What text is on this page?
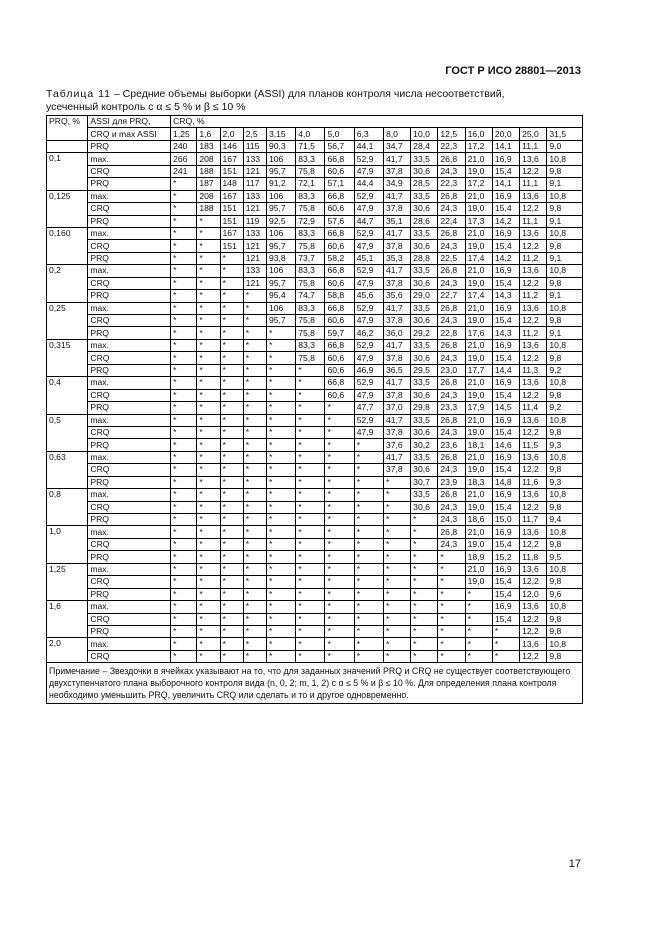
ГОСТ Р ИСО 28801—2013
Таблица 11 – Средние объемы выборки (ASSI) для планов контроля числа несоответствий,
усеченный контроль с α ≤ 5 % и β ≤ 10 %
PRQ, %	ASSI для PRQ,	CRQ, %														
	CRQ и max ASSI	1,25	1,6	2,0	2,5	3,15	4,0	5,0	6,3	8,0	10,0	12,5	16,0	20,0	25,0	31,5
	PRQ	240	183	146	115	90,3	71,5	56,7	44,1	34,7	28,4	22,3	17,2	14,1	11,1	9,0
0,1	max.	266	208	167	133	106	83,3	66,8	52,9	41,7	33,5	26,8	21,0	16,9	13,6	10,8
	CRQ	241	188	151	121	95,7	75,8	60,6	47,9	37,8	30,6	24,3	19,0	15,4	12,2	9,8
	PRQ	*	187	148	117	91,2	72,1	57,1	44,4	34,9	28,5	22,3	17,2	14,1	11,1	9,1
0,125	max.	*	208	167	133	106	83,3	66,8	52,9	41,7	33,5	26,8	21,0	16,9	13,6	10,8
	CRQ	*	188	151	121	95,7	75,8	60,6	47,9	37,8	30,6	24,3	19,0	15,4	12,2	9,8
	PRQ	*	*	151	119	92,5	72,9	57,6	44,7	35,1	28,6	22,4	17,3	14,2	11,1	9,1
0,160	max.	*	*	167	133	106	83,3	66,8	52,9	41,7	33,5	26,8	21,0	16,9	13,6	10,8
	CRQ	*	*	151	121	95,7	75,8	60,6	47,9	37,8	30,6	24,3	19,0	15,4	12,2	9,8
	PRQ	*	*	*	121	93,8	73,7	58,2	45,1	35,3	28,8	22,5	17,4	14,2	11,2	9,1
0,2	max.	*	*	*	133	106	83,3	66,8	52,9	41,7	33,5	26,8	21,0	16,9	13,6	10,8
	CRQ	*	*	*	121	95,7	75,8	60,6	47,9	37,8	30,6	24,3	19,0	15,4	12,2	9,8
	PRQ	*	*	*	*	95,4	74,7	58,8	45,6	35,6	29,0	22,7	17,4	14,3	11,2	9,1
0,25	max.	*	*	*	*	106	83,3	66,8	52,9	41,7	33,5	26,8	21,0	16,9	13,6	10,8
	CRQ	*	*	*	*	95,7	75,8	60,6	47,9	37,8	30,6	24,3	19,0	15,4	12,2	9,8
	PRQ	*	*	*	*	*	75,8	59,7	46,2	36,0	29,2	22,8	17,6	14,3	11,2	9,1
0,315	max.	*	*	*	*	*	83,3	66,8	52,9	41,7	33,5	26,8	21,0	16,9	13,6	10,8
	CRQ	*	*	*	*	*	75,8	60,6	47,9	37,8	30,6	24,3	19,0	15,4	12,2	9,8
	PRQ	*	*	*	*	*	*	60,6	46,9	36,5	29,5	23,0	17,7	14,4	11,3	9,2
0,4	max.	*	*	*	*	*	*	66,8	52,9	41,7	33,5	26,8	21,0	16,9	13,6	10,8
	CRQ	*	*	*	*	*	*	60,6	47,9	37,8	30,6	24,3	19,0	15,4	12,2	9,8
	PRQ	*	*	*	*	*	*	*	47,7	37,0	29,8	23,3	17,9	14,5	11,4	9,2
0,5	max.	*	*	*	*	*	*	*	52,9	41,7	33,5	26,8	21,0	16,9	13,6	10,8
	CRQ	*	*	*	*	*	*	*	47,9	37,8	30,6	24,3	19,0	15,4	12,2	9,8
	PRQ	*	*	*	*	*	*	*	*	37,6	30,2	23,6	18,1	14,6	11,5	9,3
0,63	max.	*	*	*	*	*	*	*	*	41,7	33,5	26,8	21,0	16,9	13,6	10,8
	CRQ	*	*	*	*	*	*	*	*	37,8	30,6	24,3	19,0	15,4	12,2	9,8
	PRQ	*	*	*	*	*	*	*	*	*	30,7	23,9	18,3	14,8	11,6	9,3
0,8	max.	*	*	*	*	*	*	*	*	*	33,5	26,8	21,0	16,9	13,6	10,8
	CRQ	*	*	*	*	*	*	*	*	*	30,6	24,3	19,0	15,4	12,2	9,8
	PRQ	*	*	*	*	*	*	*	*	*	*	24,3	18,6	15,0	11,7	9,4
1,0	max.	*	*	*	*	*	*	*	*	*	*	26,8	21,0	16,9	13,6	10,8
	CRQ	*	*	*	*	*	*	*	*	*	*	24,3	19,0	15,4	12,2	9,8
	PRQ	*	*	*	*	*	*	*	*	*	*	*	18,9	15,2	11,8	9,5
1,25	max.	*	*	*	*	*	*	*	*	*	*	*	21,0	16,9	13,6	10,8
	CRQ	*	*	*	*	*	*	*	*	*	*	*	19,0	15,4	12,2	9,8
	PRQ	*	*	*	*	*	*	*	*	*	*	*	*	15,4	12,0	9,6
1,6	max.	*	*	*	*	*	*	*	*	*	*	*	*	16,9	13,6	10,8
	CRQ	*	*	*	*	*	*	*	*	*	*	*	*	15,4	12,2	9,8
	PRQ	*	*	*	*	*	*	*	*	*	*	*	*	*	12,2	9,8
2,0	max.	*	*	*	*	*	*	*	*	*	*	*	*	*	13,6	10,8
	CRQ	*	*	*	*	*	*	*	*	*	*	*	*	*	12,2	9,8
Примечание – Звездочки в ячейках указывают на то, что для заданных значений PRQ и CRQ не существует соответствующего двухступенчатого плана выборочного контроля вида (n, 0, 2; m, 1, 2) с α ≤ 5 % и β ≤ 10 %. Для определения плана контроля необходимо уменьшить PRQ, увеличить CRQ или сделать и то и другое одновременно.																
17
